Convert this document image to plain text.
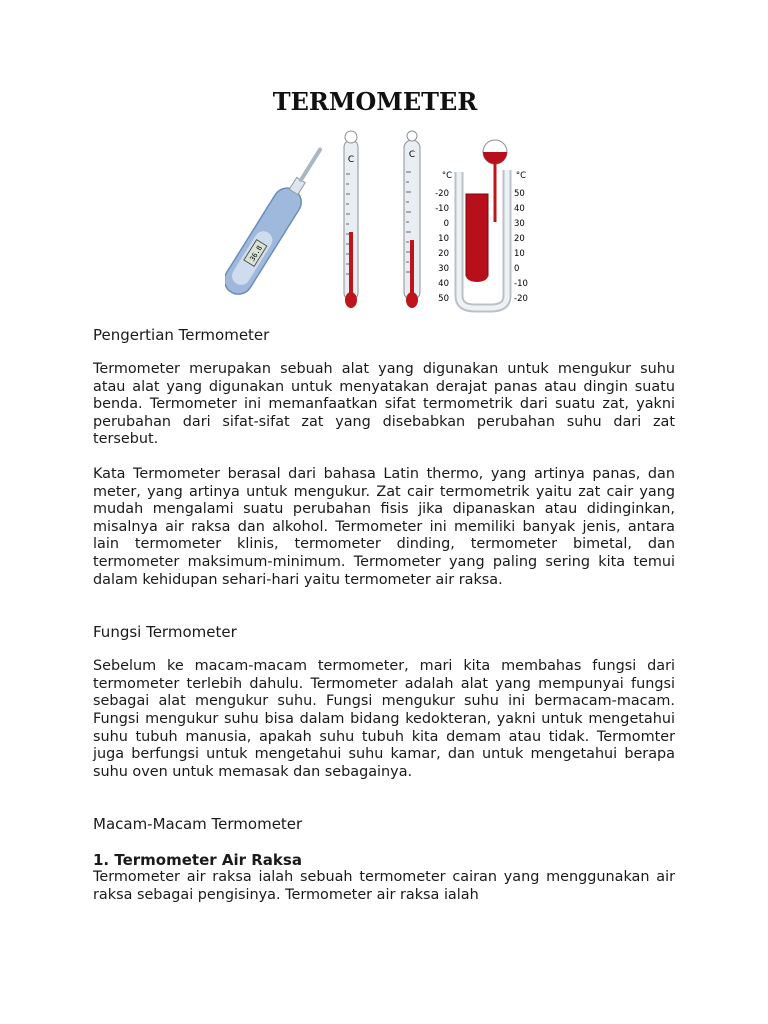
TERMOMETER
36.8
C	C
°C	°C
-20
-10
0
10
20
30
40
50
50
40
30
20
10
0
-10
-20
Pengertian Termometer

Termometer merupakan sebuah alat yang digunakan untuk mengukur suhu atau alat yang digunakan untuk menyatakan derajat panas atau dingin suatu benda. Termometer ini memanfaatkan sifat termometrik dari suatu zat, yakni perubahan dari sifat-sifat zat yang disebabkan perubahan suhu dari zat tersebut.

Kata Termometer berasal dari bahasa Latin thermo, yang artinya panas, dan meter, yang artinya untuk mengukur. Zat cair termometrik yaitu zat cair yang mudah mengalami suatu perubahan fisis jika dipanaskan atau didinginkan, misalnya air raksa dan alkohol. Termometer ini memiliki banyak jenis, antara lain termometer klinis, termometer dinding, termometer bimetal, dan termometer maksimum-minimum. Termometer yang paling sering kita temui dalam kehidupan sehari-hari yaitu termometer air raksa.

Fungsi Termometer

Sebelum ke macam-macam termometer, mari kita membahas fungsi dari termometer terlebih dahulu. Termometer adalah alat yang mempunyai fungsi sebagai alat mengukur suhu. Fungsi mengukur suhu ini bermacam-macam. Fungsi mengukur suhu bisa dalam bidang kedokteran, yakni untuk mengetahui suhu tubuh manusia, apakah suhu tubuh kita demam atau tidak. Termomter juga berfungsi untuk mengetahui suhu kamar, dan untuk mengetahui berapa suhu oven untuk memasak dan sebagainya.

Macam-Macam Termometer
1. Termometer Air Raksa

Termometer air raksa ialah sebuah termometer cairan yang menggunakan air raksa sebagai pengisinya. Termometer air raksa ialah
